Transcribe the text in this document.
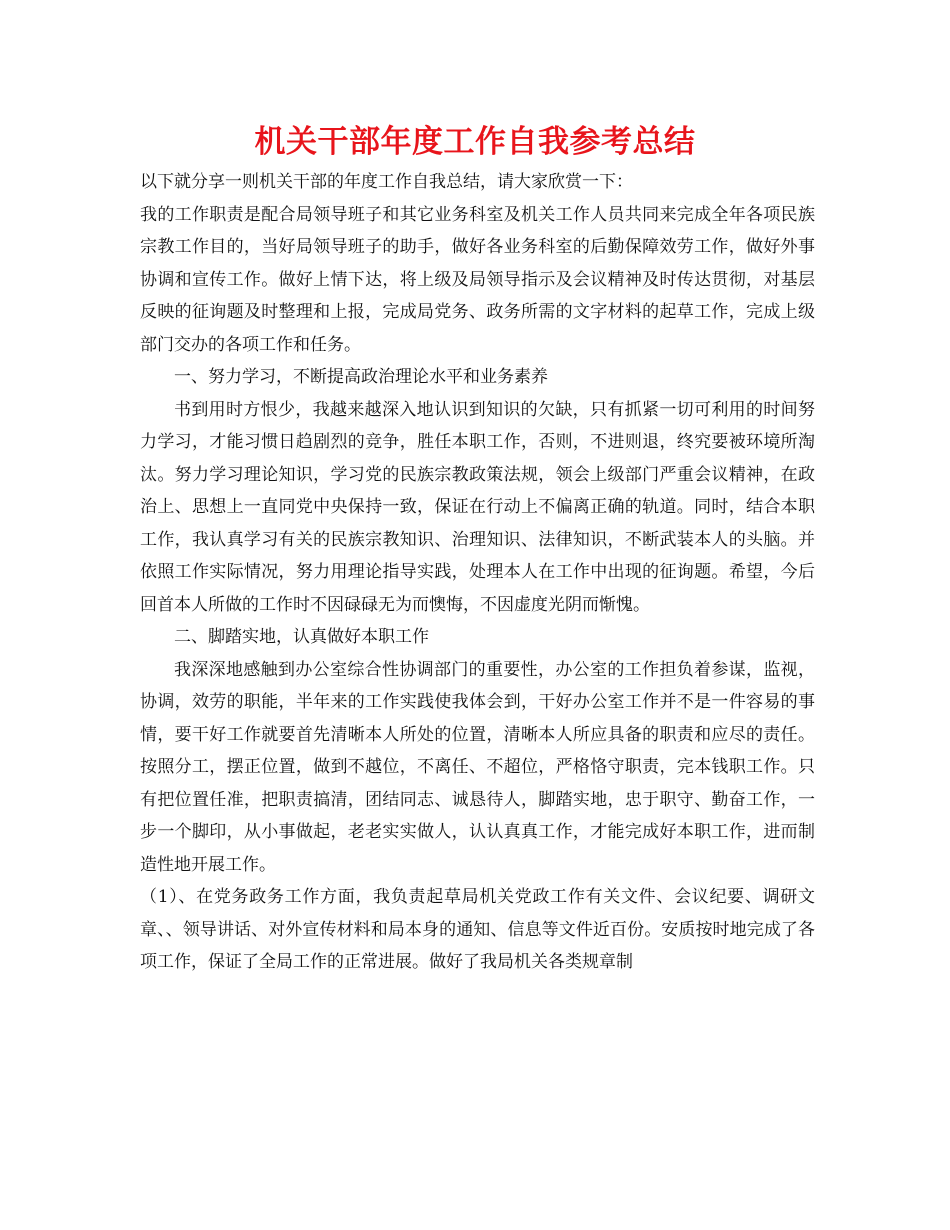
机关干部年度工作自我参考总结

以下就分享一则机关干部的年度工作自我总结，请大家欣赏一下：

我的工作职责是配合局领导班子和其它业务科室及机关工作人员共同来完成全年各项民族宗教工作目的，当好局领导班子的助手，做好各业务科室的后勤保障效劳工作，做好外事协调和宣传工作。做好上情下达，将上级及局领导指示及会议精神及时传达贯彻，对基层反映的征询题及时整理和上报，完成局党务、政务所需的文字材料的起草工作，完成上级部门交办的各项工作和任务。

一、努力学习，不断提高政治理论水平和业务素养

书到用时方恨少，我越来越深入地认识到知识的欠缺，只有抓紧一切可利用的时间努力学习，才能习惯日趋剧烈的竞争，胜任本职工作，否则，不进则退，终究要被环境所淘汰。努力学习理论知识，学习党的民族宗教政策法规，领会上级部门严重会议精神，在政治上、思想上一直同党中央保持一致，保证在行动上不偏离正确的轨道。同时，结合本职工作，我认真学习有关的民族宗教知识、治理知识、法律知识，不断武装本人的头脑。并依照工作实际情况，努力用理论指导实践，处理本人在工作中出现的征询题。希望，今后回首本人所做的工作时不因碌碌无为而懊悔，不因虚度光阴而惭愧。

二、脚踏实地，认真做好本职工作

我深深地感触到办公室综合性协调部门的重要性，办公室的工作担负着参谋，监视，协调，效劳的职能，半年来的工作实践使我体会到，干好办公室工作并不是一件容易的事情，要干好工作就要首先清晰本人所处的位置，清晰本人所应具备的职责和应尽的责任。按照分工，摆正位置，做到不越位，不离任、不超位，严格恪守职责，完本钱职工作。只有把位置任准，把职责搞清，团结同志、诚恳待人，脚踏实地，忠于职守、勤奋工作，一步一个脚印，从小事做起，老老实实做人，认认真真工作，才能完成好本职工作，进而制造性地开展工作。

（1）、在党务政务工作方面，我负责起草局机关党政工作有关文件、会议纪要、调研文章、、领导讲话、对外宣传材料和局本身的通知、信息等文件近百份。安质按时地完成了各项工作，保证了全局工作的正常进展。做好了我局机关各类规章制
